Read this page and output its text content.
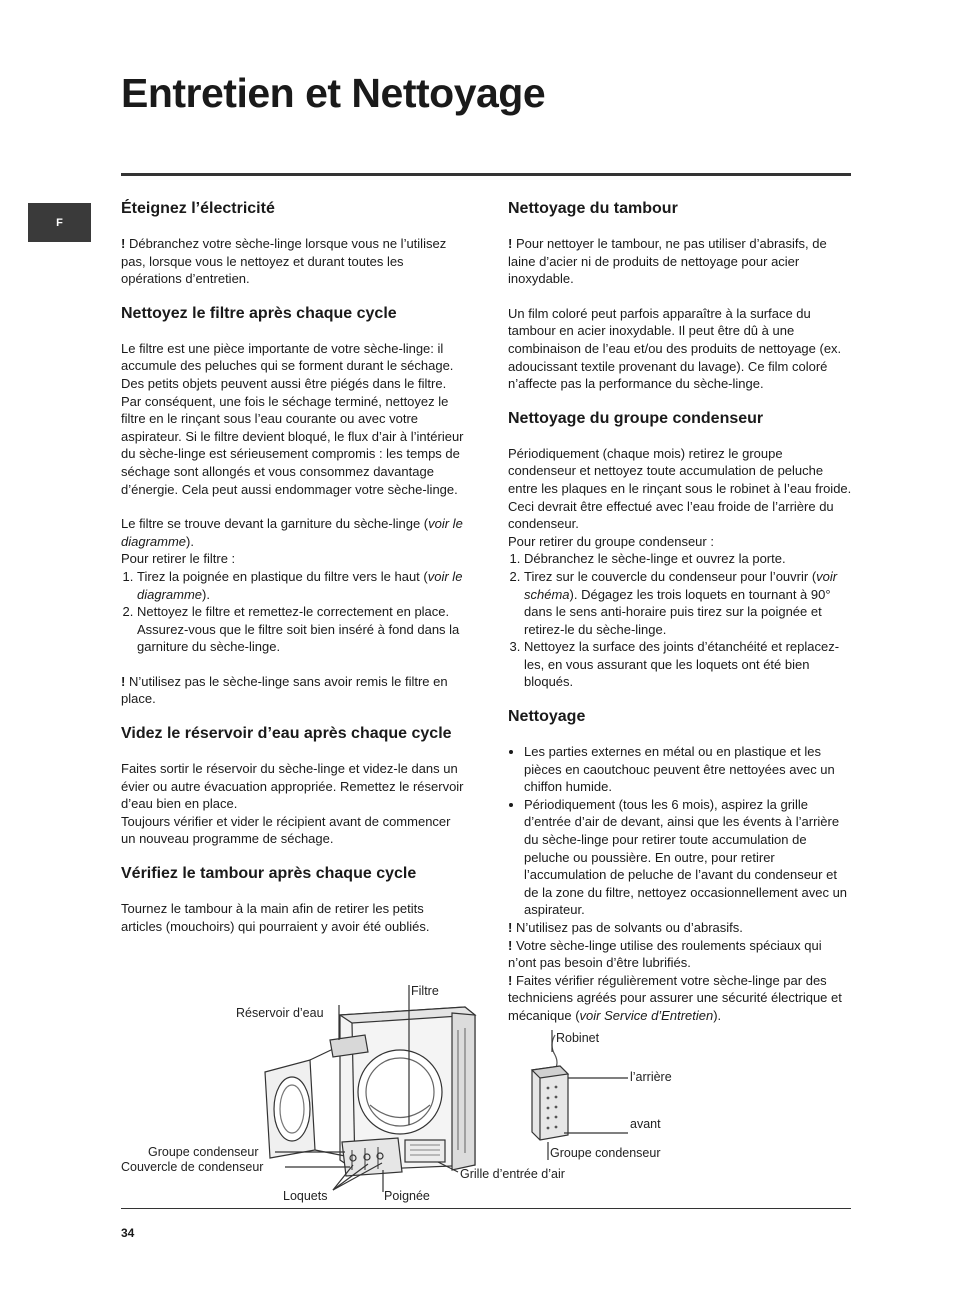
Entretien et Nettoyage
F
Éteignez l’électricité

! Débranchez votre sèche-linge lorsque vous ne l’utilisez pas, lorsque vous le nettoyez et durant toutes les opérations d’entretien.

Nettoyez le filtre après chaque cycle

Le filtre est une pièce importante de votre sèche-linge: il accumule des peluches qui se forment durant le séchage. Des petits objets peuvent aussi être piégés dans le filtre. Par conséquent, une fois le séchage terminé, nettoyez le filtre en le rinçant sous l’eau courante ou avec votre aspirateur. Si le filtre devient bloqué, le flux d’air à l’intérieur du sèche-linge est sérieusement compromis : les temps de séchage sont allongés et vous consommez davantage d’énergie. Cela peut aussi endommager votre sèche-linge.

Le filtre se trouve devant la garniture du sèche-linge (voir le diagramme).
Pour retirer le filtre :
1. Tirez la poignée en plastique du filtre vers le haut (voir le diagramme).
2. Nettoyez le filtre et remettez-le correctement en place. Assurez-vous que le filtre soit bien inséré à fond dans la garniture du sèche-linge.

! N’utilisez pas le sèche-linge sans avoir remis le filtre en place.

Videz le réservoir d’eau après chaque cycle
Faites sortir le réservoir du sèche-linge et videz-le dans un évier ou autre évacuation appropriée. Remettez le réservoir d’eau bien en place.
Toujours vérifier et vider le récipient avant de commencer un nouveau programme de séchage.
Vérifiez le tambour après chaque cycle

Tournez le tambour à la main afin de retirer les petits articles (mouchoirs) qui pourraient y avoir été oubliés.

Nettoyage du tambour

! Pour nettoyer le tambour, ne pas utiliser d’abrasifs, de laine d’acier ni de produits de nettoyage pour acier inoxydable.

Un film coloré peut parfois apparaître à la surface du tambour en acier inoxydable. Il peut être dû à une combinaison de l’eau et/ou des produits de nettoyage (ex. adoucissant textile provenant du lavage). Ce film coloré n’affecte pas la performance du sèche-linge.

Nettoyage du groupe condenseur
Périodiquement (chaque mois) retirez le groupe condenseur et nettoyez toute accumulation de peluche entre les plaques en le rinçant sous le robinet à l’eau froide. Ceci devrait être effectué avec l’eau froide de l’arrière du condenseur.
Pour retirer du groupe condenseur :
1. Débranchez le sèche-linge et ouvrez la porte.
2. Tirez sur le couvercle du condenseur pour l’ouvrir (voir schéma). Dégagez les trois loquets en tournant à 90° dans le sens anti-horaire puis tirez sur la poignée et retirez-le du sèche-linge.
3. Nettoyez la surface des joints d’étanchéité et replacez-les, en vous assurant que les loquets ont été bien bloqués.
Nettoyage
• Les parties externes en métal ou en plastique et les pièces en caoutchouc peuvent être nettoyées avec un chiffon humide.
• Périodiquement (tous les 6 mois), aspirez la grille d’entrée d’air de devant, ainsi que les évents à l’arrière du sèche-linge pour retirer toute accumulation de peluche ou poussière. En outre, pour retirer l’accumulation de peluche de l’avant du condenseur et de la zone du filtre, nettoyez occasionnellement avec un aspirateur.
! N’utilisez pas de solvants ou d’abrasifs.
! Votre sèche-linge utilise des roulements spéciaux qui n’ont pas besoin d’être lubrifiés.
! Faites vérifier régulièrement votre sèche-linge par des techniciens agréés pour assurer une sécurité électrique et mécanique (voir Service d’Entretien).
Filtre
Réservoir d’eau
Groupe condenseur
Couvercle de condenseur
Loquets	Poignée
Grille d’entrée d’air
Robinet
l’arrière
avant
Groupe condenseur
34
